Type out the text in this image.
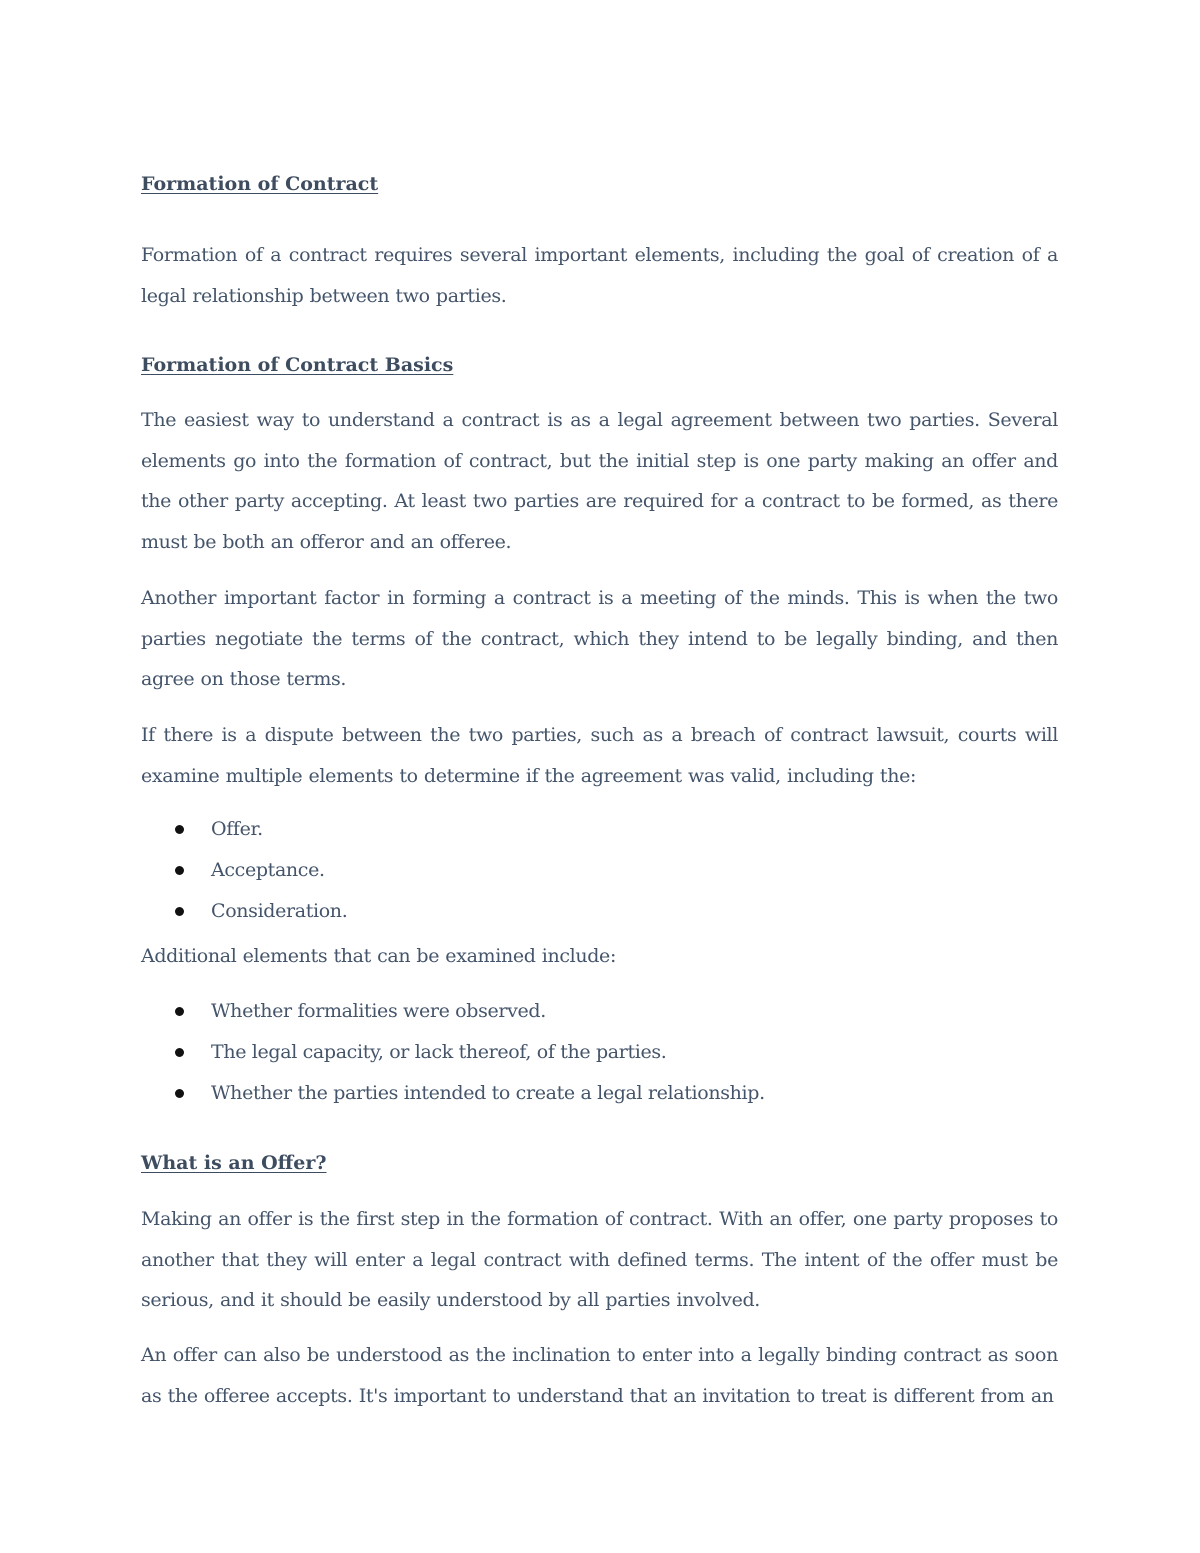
Formation of Contract

Formation of a contract requires several important elements, including the goal of creation of a legal relationship between two parties.

Formation of Contract Basics

The easiest way to understand a contract is as a legal agreement between two parties. Several elements go into the formation of contract, but the initial step is one party making an offer and the other party accepting. At least two parties are required for a contract to be formed, as there must be both an offeror and an offeree.

Another important factor in forming a contract is a meeting of the minds. This is when the two parties negotiate the terms of the contract, which they intend to be legally binding, and then agree on those terms.

If there is a dispute between the two parties, such as a breach of contract lawsuit, courts will examine multiple elements to determine if the agreement was valid, including the:

Offer.
Acceptance.
Consideration.

Additional elements that can be examined include:

Whether formalities were observed.
The legal capacity, or lack thereof, of the parties.
Whether the parties intended to create a legal relationship.
What is an Offer?

Making an offer is the first step in the formation of contract. With an offer, one party proposes to another that they will enter a legal contract with defined terms. The intent of the offer must be serious, and it should be easily understood by all parties involved.

An offer can also be understood as the inclination to enter into a legally binding contract as soon as the offeree accepts. It's important to understand that an invitation to treat is different from an
